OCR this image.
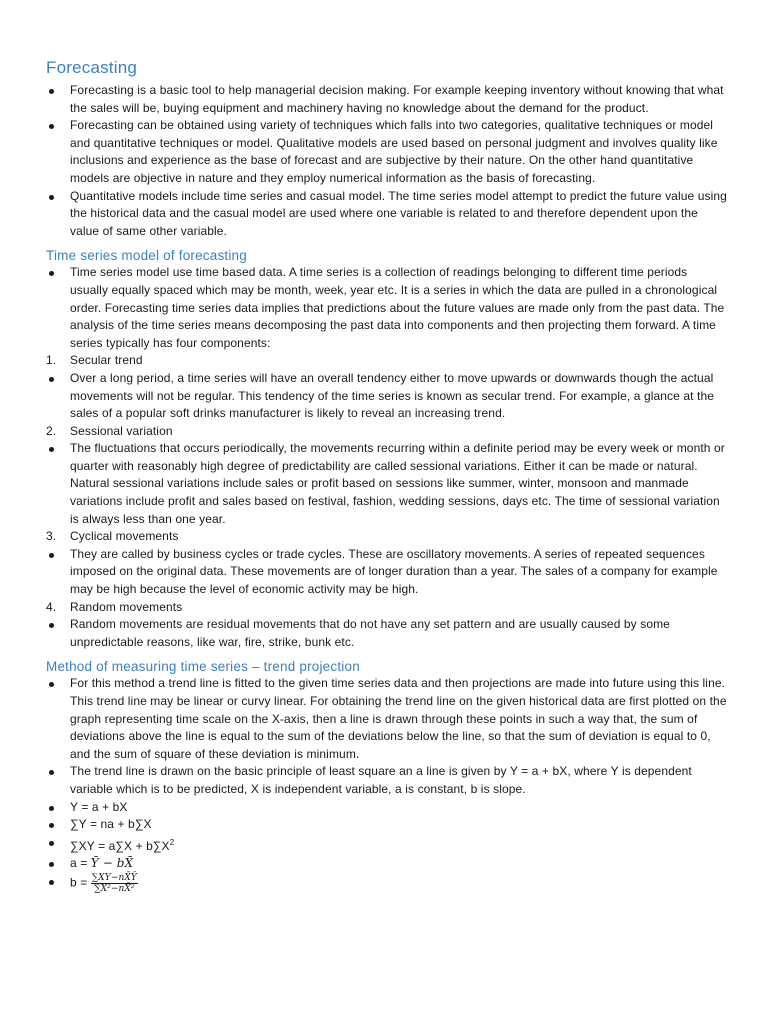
Forecasting
Forecasting is a basic tool to help managerial decision making. For example keeping inventory without knowing that what the sales will be, buying equipment and machinery having no knowledge about the demand for the product.
Forecasting can be obtained using variety of techniques which falls into two categories, qualitative techniques or model and quantitative techniques or model. Qualitative models are used based on personal judgment and involves quality like inclusions and experience as the base of forecast and are subjective by their nature. On the other hand quantitative models are objective in nature and they employ numerical information as the basis of forecasting.
Quantitative models include time series and casual model. The time series model attempt to predict the future value using the historical data and the casual model are used where one variable is related to and therefore dependent upon the value of same other variable.
Time series model of forecasting
Time series model use time based data. A time series is a collection of readings belonging to different time periods usually equally spaced which may be month, week, year etc. It is a series in which the data are pulled in a chronological order. Forecasting time series data implies that predictions about the future values are made only from the past data. The analysis of the time series means decomposing the past data into components and then projecting them forward. A time series typically has four components:
1.	Secular trend
Over a long period, a time series will have an overall tendency either to move upwards or downwards though the actual movements will not be regular. This tendency of the time series is known as secular trend. For example, a glance at the sales of a popular soft drinks manufacturer is likely to reveal an increasing trend.
2.	Sessional variation
The fluctuations that occurs periodically, the movements recurring within a definite period may be every week or month or quarter with reasonably high degree of predictability are called sessional variations. Either it can be made or natural. Natural sessional variations include sales or profit based on sessions like summer, winter, monsoon and manmade variations include profit and sales based on festival, fashion, wedding sessions, days etc. The time of sessional variation is always less than one year.
3.	Cyclical movements
They are called by business cycles or trade cycles. These are oscillatory movements. A series of repeated sequences imposed on the original data. These movements are of longer duration than a year. The sales of a company for example may be high because the level of economic activity may be high.
4.	Random movements
Random movements are residual movements that do not have any set pattern and are usually caused by some unpredictable reasons, like war, fire, strike, bunk etc.
Method of measuring time series – trend projection
For this method a trend line is fitted to the given time series data and then projections are made into future using this line. This trend line may be linear or curvy linear. For obtaining the trend line on the given historical data are first plotted on the graph representing time scale on the X-axis, then a line is drawn through these points in such a way that, the sum of deviations above the line is equal to the sum of the deviations below the line, so that the sum of deviation is equal to 0, and the sum of square of these deviation is minimum.
The trend line is drawn on the basic principle of least square an a line is given by Y = a + bX, where Y is dependent variable which is to be predicted, X is independent variable, a is constant, b is slope.
Y = a + bX
∑Y = na + b∑X
$\sum XY = a\sum X + b\sum X^2$
a = Ȳ − bX̄
$b = \frac{\sum XY-nX̄Ȳ}{\text{∑X²−nX̄²}}$
